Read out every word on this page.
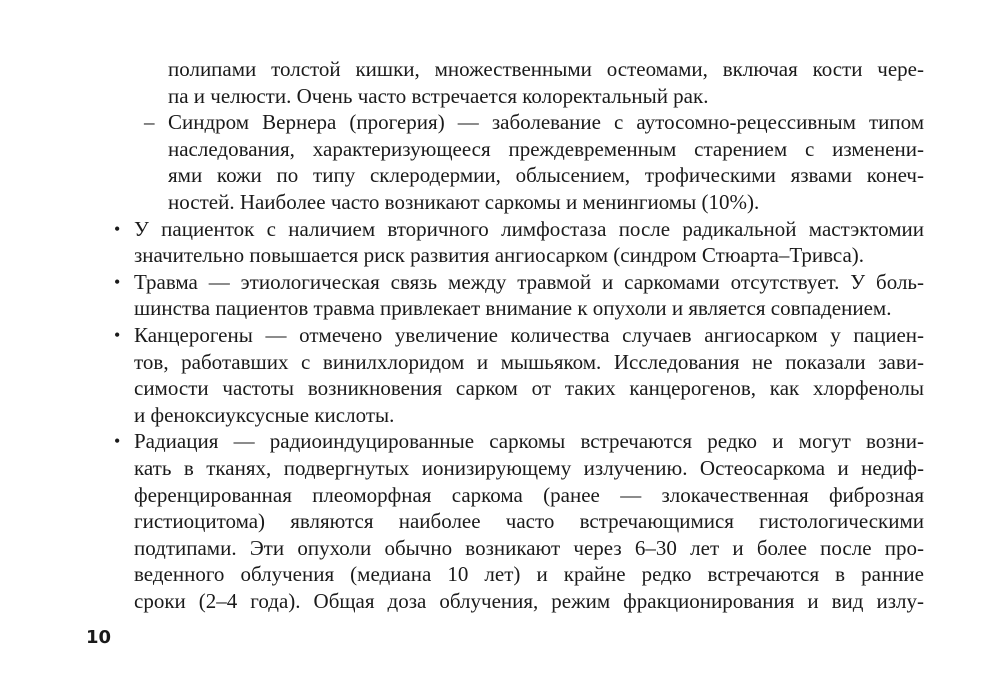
полипами толстой кишки, множественными остеомами, включая кости чере-
па и челюсти. Очень часто встречается колоректальный рак.
– Синдром Вернера (прогерия) — заболевание с аутосомно-рецессивным типом
наследования, характеризующееся преждевременным старением с изменени-
ями кожи по типу склеродермии, облысением, трофическими язвами конеч-
ностей. Наиболее часто возникают саркомы и менингиомы (10%).
• У пациенток с наличием вторичного лимфостаза после радикальной мастэктомии
значительно повышается риск развития ангиосарком (синдром Стюарта–Тривса).
• Травма — этиологическая связь между травмой и саркомами отсутствует. У боль-
шинства пациентов травма привлекает внимание к опухоли и является совпадением.
• Канцерогены — отмечено увеличение количества случаев ангиосарком у пациен-
тов, работавших с винилхлоридом и мышьяком. Исследования не показали зави-
симости частоты возникновения сарком от таких канцерогенов, как хлорфенолы
и феноксиуксусные кислоты.
• Радиация — радиоиндуцированные саркомы встречаются редко и могут возни-
кать в тканях, подвергнутых ионизирующему излучению. Остеосаркома и недиф-
ференцированная плеоморфная саркома (ранее — злокачественная фиброзная
гистиоцитома) являются наиболее часто встречающимися гистологическими
подтипами. Эти опухоли обычно возникают через 6–30 лет и более после про-
веденного облучения (медиана 10 лет) и крайне редко встречаются в ранние
сроки (2–4 года). Общая доза облучения, режим фракционирования и вид излу-
10
